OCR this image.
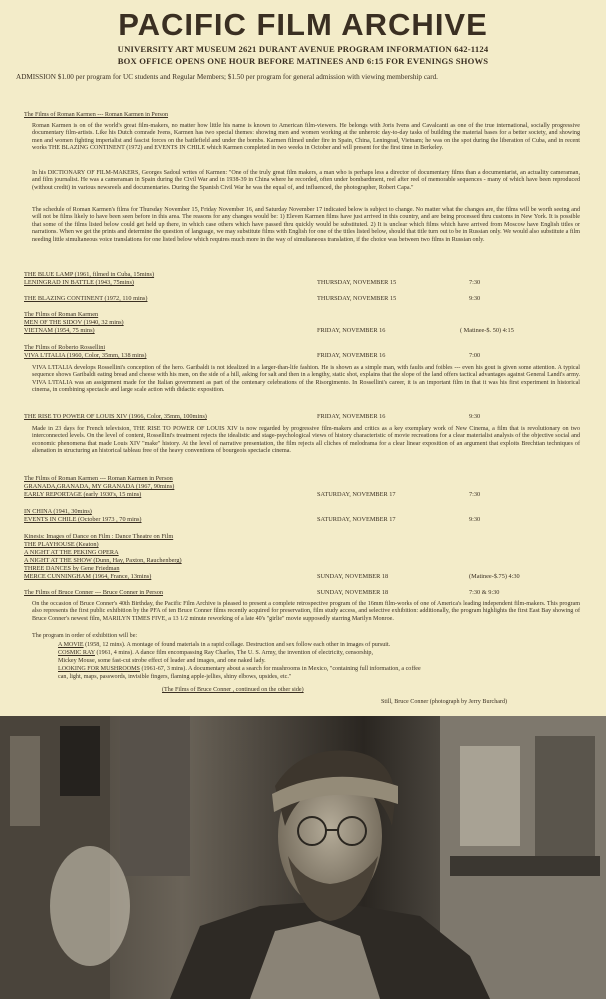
PACIFIC FILM ARCHIVE
UNIVERSITY ART MUSEUM 2621 DURANT AVENUE PROGRAM INFORMATION 642-1124
BOX OFFICE OPENS ONE HOUR BEFORE MATINEES AND 6:15 FOR EVENINGS SHOWS
ADMISSION $1.00 per program for UC students and Regular Members; $1.50 per program for general admission with viewing membership card.
The Films of Roman Karmen --- Roman Karmen in Person
Roman Karmen is on of the world's great film-makers, no matter how little his name is known to American film-viewers. He belongs with Joris Ivens and Cavalcanti as one of the true international, socially progressive documentary film-artists. Like his Dutch comrade Ivens, Karmen has two special themes: showing men and women working at the unheroic day-to-day tasks of building the material bases for a better society, and showing men and women fighting imperialist and fascist forces on the battlefield and under the bombs. Karmen filmed under fire in Spain, China, Leningrad, Vietnam; he was on the spot during the liberation of Cuba, and in recent works THE BLAZING CONTINENT (1972) and EVENTS IN CHILE which Karmen completed in two weeks in October and will present for the first time in Berkeley.
In his DICTIONARY OF FILM-MAKERS, Georges Sadoul writes of Karmen: "One of the truly great film makers, a man who is perhaps less a director of documentary films than a documentarist, an actuality cameraman, and film journalist. He was a cameraman in Spain during the Civil War and in 1938-39 in China where he recorded, often under bombardment, reel after reel of memorable sequences - many of which have been reproduced (without credit) in various newsreels and documentaries. During the Spanish Civil War he was the equal of, and influenced, the photographer, Robert Capa."
The schedule of Roman Karmen's films for Thursday November 15, Friday November 16, and Saturday November 17 indicated below is subject to change. No matter what the changes are, the films will be worth seeing and will not be films likely to have been seen before in this area. The reasons for any changes would be: 1) Eleven Karmen films have just arrived in this country, and are being processed thru customs in New York. It is possible that some of the films listed below could get held up there, in which case others which have passed thru quickly would be substituted. 2) It is unclear which films which have arrived from Moscow have English titles or narrations. When we get the prints and determine the question of language, we may substitute films with English for one of the titles listed below, should that title turn out to be in Russian only. We would also substitute a film needing little simultaneous voice translations for one listed below which requires much more in the way of simultaneous translation, if the choice was between two films in Russian only.
THE BLUE LAMP (1961, filmed in Cuba, 15mins)
LENINGRAD IN BATTLE (1943, 75mins)	THURSDAY, NOVEMBER 15	7:30
THE BLAZING CONTINENT (1972, 110 mins)	THURSDAY, NOVEMBER 15	9:30
The Films of Roman Karmen
MEN OF THE SIDOV (1940, 32 mins)
VIETNAM (1954, 75 mins)	FRIDAY, NOVEMBER 16	( Matinee-$. 50) 4:15
The Films of Roberto Rossellini
VIVA L'ITALIA (1960, Color, 35mm, 138 mins)	FRIDAY, NOVEMBER 16	7:00
VIVA L'ITALIA develops Rossellini's conception of the hero. Garibaldi is not idealized in a larger-than-life fashion. He is shown as a simple man, with faults and foibles --- even his gout is given some attention. A typical sequence shows Garibaldi eating bread and cheese with his men, on the side of a hill, asking for salt and then in a lengthy, static shot, explains that the slope of the land offers tactical advantages against General Landi's army. VIVA L'ITALIA was an assignment made for the Italian government as part of the centenary celebrations of the Risorgimento. In Rossellini's career, it is an important film in that it was his first experiment in historical cinema, in combining spectacle and large scale action with didactic exposition.
THE RISE TO POWER OF LOUIS XIV (1966, Color, 35mm, 100mins)	FRIDAY, NOVEMBER 16	9:30
Made in 23 days for French television, THE RISE TO POWER OF LOUIS XIV is now regarded by progressive film-makers and critics as a key exemplary work of New Cinema, a film that is revolutionary on two interconnected levels. On the level of content, Rossellini's treatment rejects the idealistic and stage-psychological views of history characteristic of movie recreations for a clear materialist analysis of the objective social and economic phenomena that made Louis XIV "make" history. At the level of narrative presentation, the film rejects all cliches of melodrama for a clear linear exposition of an argument that exploits Brechtian techniques of alienation in structuring an historical tableau free of the heavy conventions of bourgeois spectacle cinema.
The Films of Roman Karmen --- Roman Karmen in Person
GRANADA,GRANADA, MY GRANADA (1967, 90mins)
EARLY REPORTAGE (early 1930's, 15 mins)	SATURDAY, NOVEMBER 17	7:30
IN CHINA (1941, 30mins)
EVENTS IN CHILE (October 1973 , 70 mins)	SATURDAY, NOVEMBER 17	9:30
Kinesis: Images of Dance on Film : Dance Theatre on Film
THE PLAYHOUSE (Keaton)
A NIGHT AT THE PEKING OPERA
A NIGHT AT THE SHOW (Dunn, Hay, Paxton, Rauchenberg)
THREE DANCES by Gene Friedman
MERCE CUNNINGHAM (1964, France, 13mins)	SUNDAY, NOVEMBER 18	(Matinee-$.75) 4:30
The Films of Bruce Conner --- Bruce Conner in Person	SUNDAY, NOVEMBER 18	7:30 & 9:30
On the occasion of Bruce Conner's 40th Birthday, the Pacific Film Archive is pleased to present a complete retrospective program of the 16mm film-works of one of America's leading independent film-makers. This program also represents the first public exhibition by the PFA of ten Bruce Conner films recently acquired for preservation, film study access, and selective exhibition: additionally, the program highlights the first East Bay showing of Bruce Conner's newest film, MARILYN TIMES FIVE, a 13 1/2 minute reworking of a late 40's "girlie" movie supposedly starring Marilyn Monroe.
The program in order of exhibition will be:
A MOVIE (1958, 12 mins). A montage of found materials in a rapid collage. Destruction and sex follow each other in images of pursuit.
COSMIC RAY (1961, 4 mins). A dance film encompassing Ray Charles, The U. S. Army, the invention of electricity, censorship,
Mickey Mouse, some fast-cut strobe effect of leader and images, and one naked lady.
LOOKING FOR MUSHROOMS (1961-67, 3 mins). A documentary about a search for mushrooms in Mexico, "containing full information, a coffee
can, light, maps, passwords, invisible fingers, flaming apple-jellies, shiny elbows, upsides, etc."
(The Films of Bruce Conner , continued on the other side)
Still, Bruce Conner (photograph by Jerry Burchard)
